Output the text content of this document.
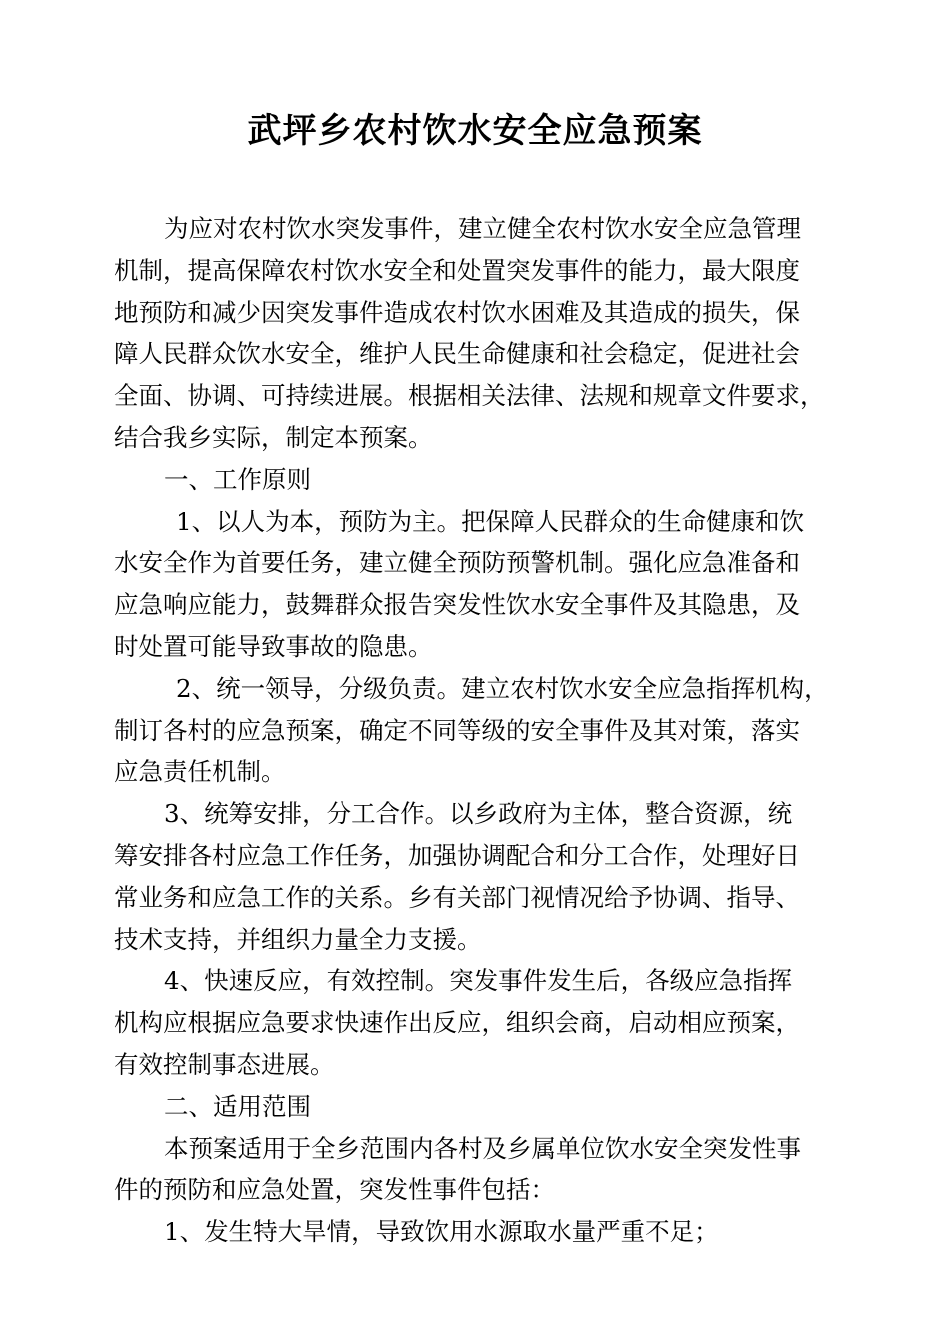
武坪乡农村饮水安全应急预案
为应对农村饮水突发事件，建立健全农村饮水安全应急管理
机制，提高保障农村饮水安全和处置突发事件的能力，最大限度
地预防和减少因突发事件造成农村饮水困难及其造成的损失，保
障人民群众饮水安全，维护人民生命健康和社会稳定，促进社会
全面、协调、可持续进展。根据相关法律、法规和规章文件要求，
结合我乡实际，制定本预案。
一、工作原则
1、以人为本，预防为主。把保障人民群众的生命健康和饮
水安全作为首要任务，建立健全预防预警机制。强化应急准备和
应急响应能力，鼓舞群众报告突发性饮水安全事件及其隐患，及
时处置可能导致事故的隐患。
2、统一领导，分级负责。建立农村饮水安全应急指挥机构，
制订各村的应急预案，确定不同等级的安全事件及其对策，落实
应急责任机制。
3、统筹安排，分工合作。以乡政府为主体，整合资源，统
筹安排各村应急工作任务，加强协调配合和分工合作，处理好日
常业务和应急工作的关系。乡有关部门视情况给予协调、指导、
技术支持，并组织力量全力支援。
4、快速反应，有效控制。突发事件发生后，各级应急指挥
机构应根据应急要求快速作出反应，组织会商，启动相应预案，
有效控制事态进展。
二、适用范围
本预案适用于全乡范围内各村及乡属单位饮水安全突发性事
件的预防和应急处置，突发性事件包括：
1、发生特大旱情，导致饮用水源取水量严重不足；
